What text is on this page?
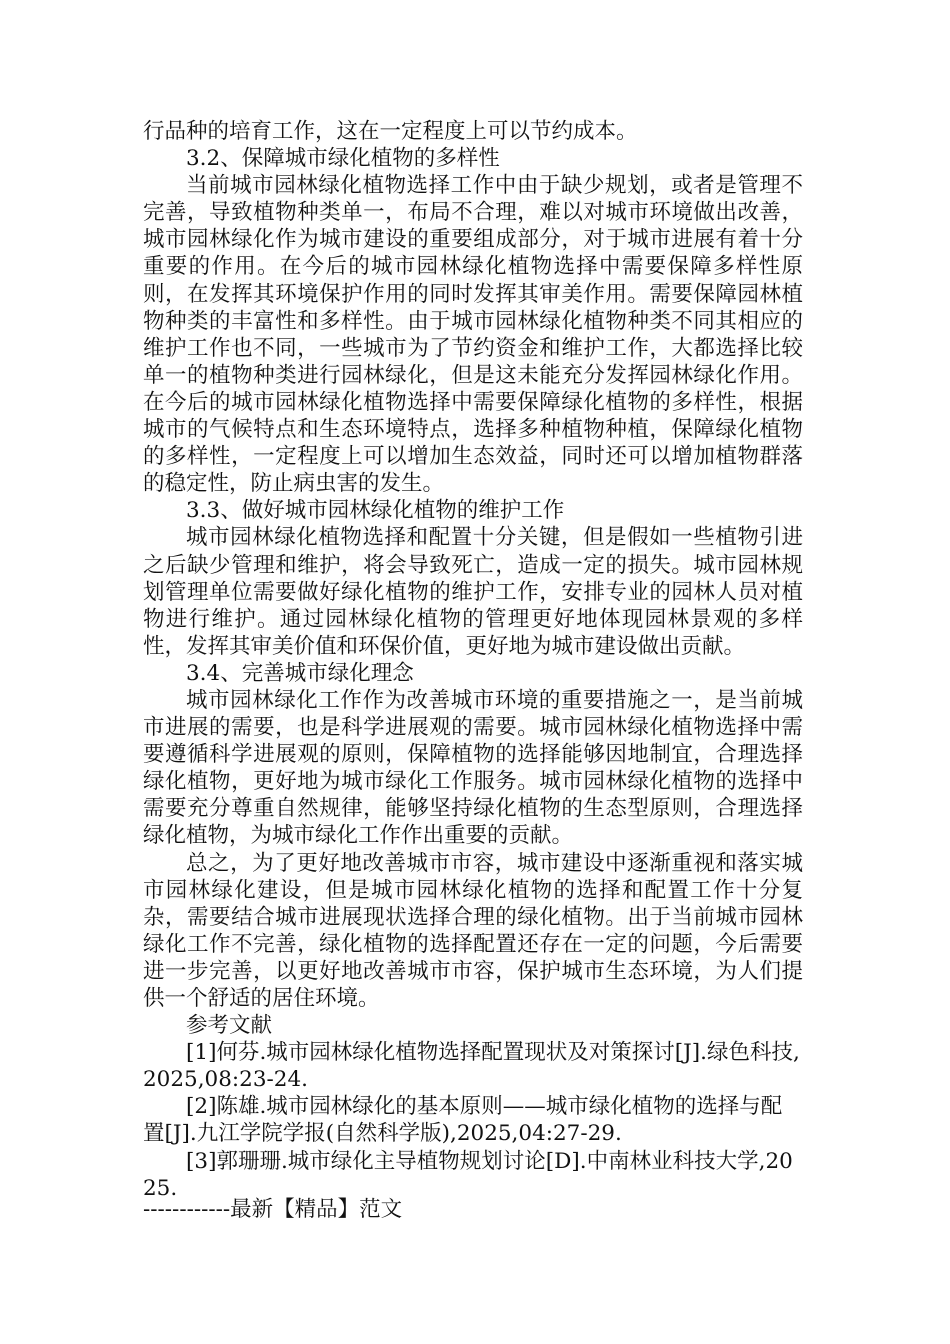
行品种的培育工作，这在一定程度上可以节约成本。

3.2、保障城市绿化植物的多样性

当前城市园林绿化植物选择工作中由于缺少规划，或者是管理不完善，导致植物种类单一，布局不合理，难以对城市环境做出改善，城市园林绿化作为城市建设的重要组成部分，对于城市进展有着十分重要的作用。在今后的城市园林绿化植物选择中需要保障多样性原则，在发挥其环境保护作用的同时发挥其审美作用。需要保障园林植物种类的丰富性和多样性。由于城市园林绿化植物种类不同其相应的维护工作也不同，一些城市为了节约资金和维护工作，大都选择比较单一的植物种类进行园林绿化，但是这未能充分发挥园林绿化作用。在今后的城市园林绿化植物选择中需要保障绿化植物的多样性，根据城市的气候特点和生态环境特点，选择多种植物种植，保障绿化植物的多样性，一定程度上可以增加生态效益，同时还可以增加植物群落的稳定性，防止病虫害的发生。

3.3、做好城市园林绿化植物的维护工作

城市园林绿化植物选择和配置十分关键，但是假如一些植物引进之后缺少管理和维护，将会导致死亡，造成一定的损失。城市园林规划管理单位需要做好绿化植物的维护工作，安排专业的园林人员对植物进行维护。通过园林绿化植物的管理更好地体现园林景观的多样性，发挥其审美价值和环保价值，更好地为城市建设做出贡献。

3.4、完善城市绿化理念

城市园林绿化工作作为改善城市环境的重要措施之一，是当前城市进展的需要，也是科学进展观的需要。城市园林绿化植物选择中需要遵循科学进展观的原则，保障植物的选择能够因地制宜，合理选择绿化植物，更好地为城市绿化工作服务。城市园林绿化植物的选择中需要充分尊重自然规律，能够坚持绿化植物的生态型原则，合理选择绿化植物，为城市绿化工作作出重要的贡献。

总之，为了更好地改善城市市容，城市建设中逐渐重视和落实城市园林绿化建设，但是城市园林绿化植物的选择和配置工作十分复杂，需要结合城市进展现状选择合理的绿化植物。出于当前城市园林绿化工作不完善，绿化植物的选择配置还存在一定的问题，今后需要进一步完善，以更好地改善城市市容，保护城市生态环境，为人们提供一个舒适的居住环境。

参考文献

[1]何芬.城市园林绿化植物选择配置现状及对策探讨[J].绿色科技,2025,08:23-24.

[2]陈雄.城市园林绿化的基本原则——城市绿化植物的选择与配置[J].九江学院学报(自然科学版),2025,04:27-29.

[3]郭珊珊.城市绿化主导植物规划讨论[D].中南林业科技大学,2025.

------------最新【精品】范文
